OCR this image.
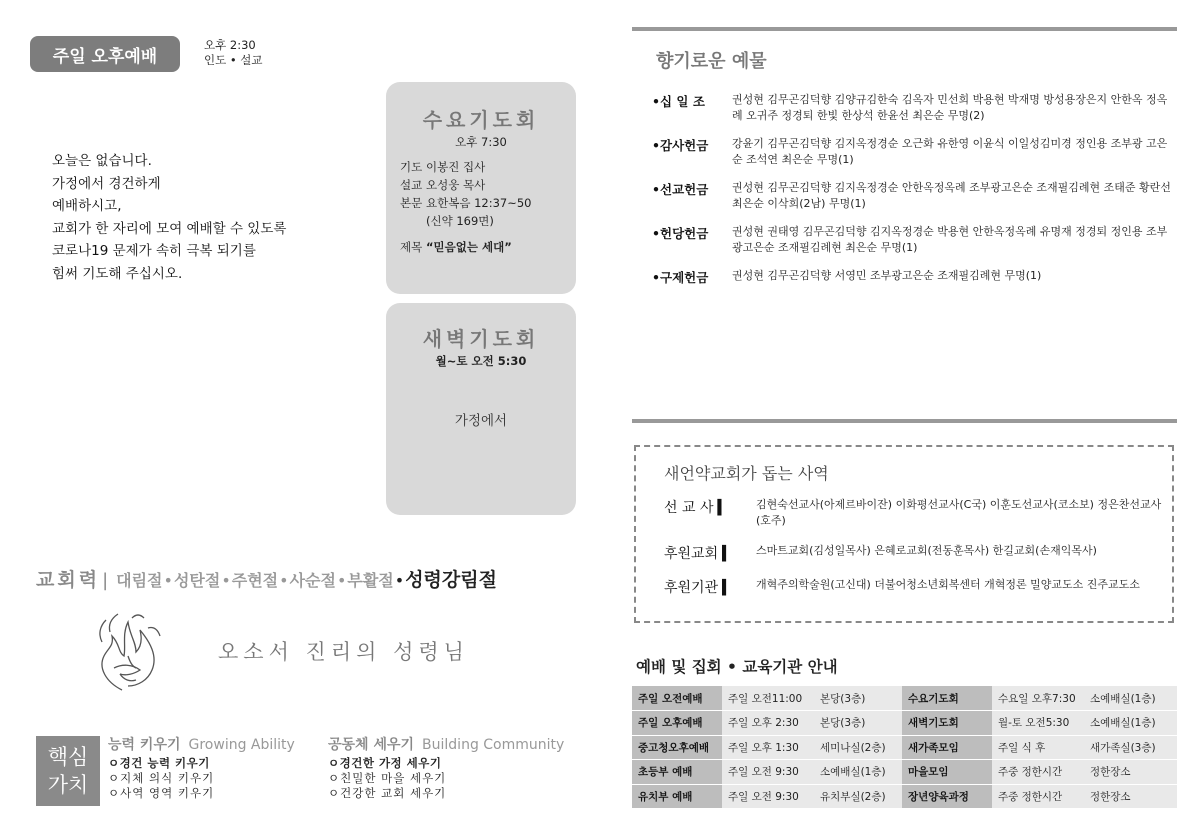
주일 오후예배
오후 2:30
인도 • 설교
오늘은 없습니다.
가정에서 경건하게
예배하시고,
교회가 한 자리에 모여 예배할 수 있도록
코로나19 문제가 속히 극복 되기를
힘써 기도해 주십시오.
수요기도회
오후 7:30
기도 이봉진 집사
설교 오성웅 목사
본문 요한복음 12:37~50
(신약 169면)
제목 “믿음없는 세대”
새벽기도회
월~토 오전 5:30
가정에서
교회력 | 대림절 • 성탄절 • 주현절 • 사순절 • 부활절 • 성령강림절
오소서 진리의 성령님
핵심
가치
능력 키우기 Growing Ability
ㅇ경건 능력 키우기
ㅇ지체 의식 키우기
ㅇ사역 영역 키우기
공동체 세우기 Building Community
ㅇ경건한 가정 세우기
ㅇ친밀한 마을 세우기
ㅇ건강한 교회 세우기
향기로운 예물
•십 일 조	권성현 김무곤김덕향 김양규김한숙 김옥자 민선희 박용현 박재명 방성용장은지 안한옥 정옥례 오귀주 정경퇴 한빛 한상석 한윤선 최은순 무명(2)
•감사헌금	강윤기 김무곤김덕향 김지옥정경순 오근화 유한영 이윤식 이일성김미경 정인용 조부광 고은순 조석연 최은순 무명(1)
•선교헌금	권성현 김무곤김덕향 김지옥정경순 안한옥정옥례 조부광고은순 조재필김례현 조태준 황란선 최은순 이삭희(2남) 무명(1)
•헌당헌금	권성현 권태영 김무곤김덕향 김지옥정경순 박용현 안한옥정옥례 유명재 정경퇴 정인용 조부광고은순 조재필김례현 최은순 무명(1)
•구제헌금	권성현 김무곤김덕향 서영민 조부광고은순 조재필김례현 무명(1)
새언약교회가 돕는 사역
선 교 사 ▍	김현숙선교사(아제르바이잔) 이화평선교사(C국) 이훈도선교사(코소보) 정은찬선교사(호주)
후원교회 ▍	스마트교회(김성일목사) 은혜로교회(전동훈목사) 한길교회(손재익목사)
후원기관 ▍	개혁주의학술원(고신대) 더불어청소년회복센터 개혁정론 밀양교도소 진주교도소
예배 및 집회 • 교육기관 안내
주일 오전예배	주일 오전11:00	본당(3층)	수요기도회	수요일 오후7:30	소예배실(1층)
주일 오후예배	주일 오후 2:30	본당(3층)	새벽기도회	월-토 오전5:30	소예배실(1층)
중고청오후예배	주일 오후 1:30	세미나실(2층)	새가족모임	주일 식 후	새가족실(3층)
초등부 예배	주일 오전 9:30	소예배실(1층)	마을모임	주중 정한시간	정한장소
유치부 예배	주일 오전 9:30	유치부실(2층)	장년양육과정	주중 정한시간	정한장소
